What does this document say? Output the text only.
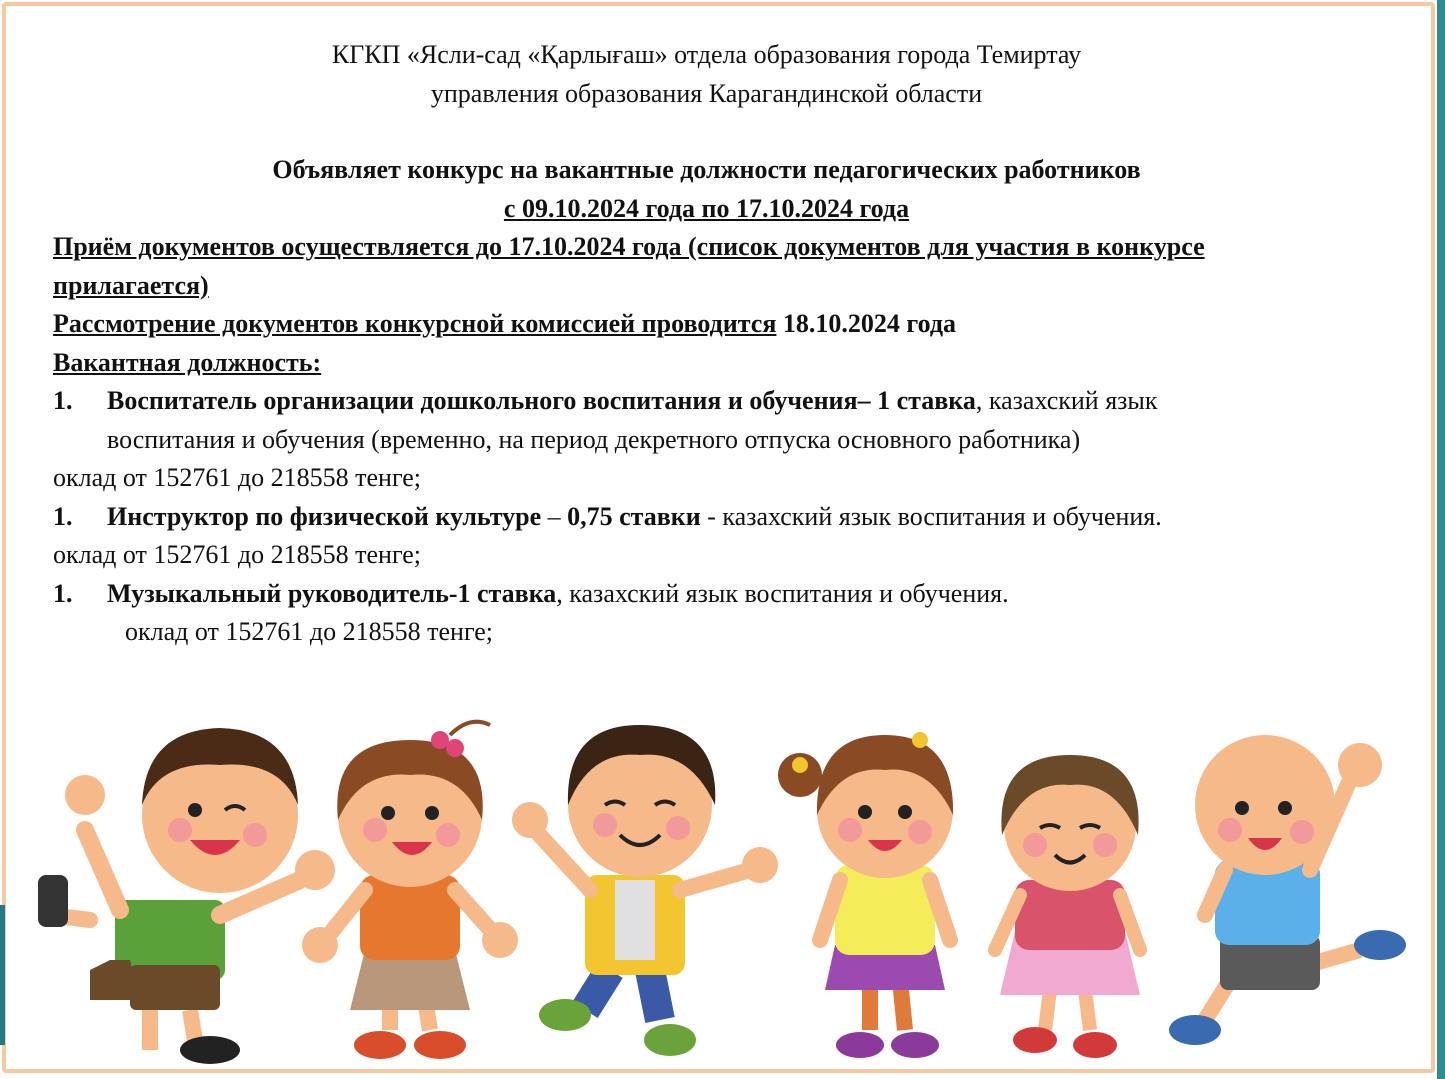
КГКП «Ясли-сад «Қарлығаш» отдела образования города Темиртау
управления образования Карагандинской области
Объявляет конкурс на вакантные должности педагогических работников
с 09.10.2024 года по 17.10.2024 года
Приём документов осуществляется до 17.10.2024 года (список документов для участия в конкурсе
прилагается)
Рассмотрение документов конкурсной комиссией проводится 18.10.2024 года
Вакантная должность:
1. Воспитатель организации дошкольного воспитания и обучения– 1 ставка, казахский язык
воспитания и обучения (временно, на период декретного отпуска основного работника)
оклад от 152761 до 218558 тенге;
1. Инструктор по физической культуре – 0,75 ставки - казахский язык воспитания и обучения.
оклад от 152761 до 218558 тенге;
1. Музыкальный руководитель-1 ставка, казахский язык воспитания и обучения.
оклад от 152761 до 218558 тенге;
